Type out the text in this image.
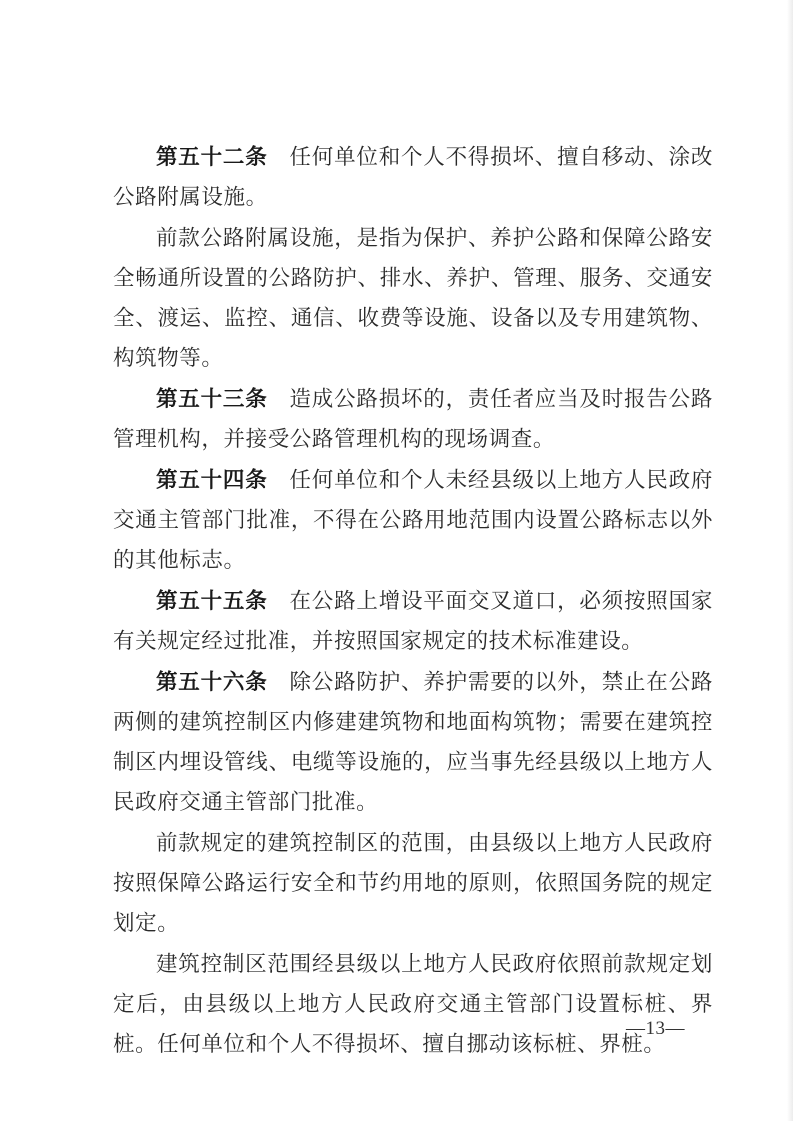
第五十二条 任何单位和个人不得损坏、擅自移动、涂改公路附属设施。

前款公路附属设施，是指为保护、养护公路和保障公路安全畅通所设置的公路防护、排水、养护、管理、服务、交通安全、渡运、监控、通信、收费等设施、设备以及专用建筑物、构筑物等。

第五十三条 造成公路损坏的，责任者应当及时报告公路管理机构，并接受公路管理机构的现场调查。

第五十四条 任何单位和个人未经县级以上地方人民政府交通主管部门批准，不得在公路用地范围内设置公路标志以外的其他标志。

第五十五条 在公路上增设平面交叉道口，必须按照国家有关规定经过批准，并按照国家规定的技术标准建设。

第五十六条 除公路防护、养护需要的以外，禁止在公路两侧的建筑控制区内修建建筑物和地面构筑物；需要在建筑控制区内埋设管线、电缆等设施的，应当事先经县级以上地方人民政府交通主管部门批准。

前款规定的建筑控制区的范围，由县级以上地方人民政府按照保障公路运行安全和节约用地的原则，依照国务院的规定划定。

建筑控制区范围经县级以上地方人民政府依照前款规定划定后，由县级以上地方人民政府交通主管部门设置标桩、界桩。任何单位和个人不得损坏、擅自挪动该标桩、界桩。

—13—
